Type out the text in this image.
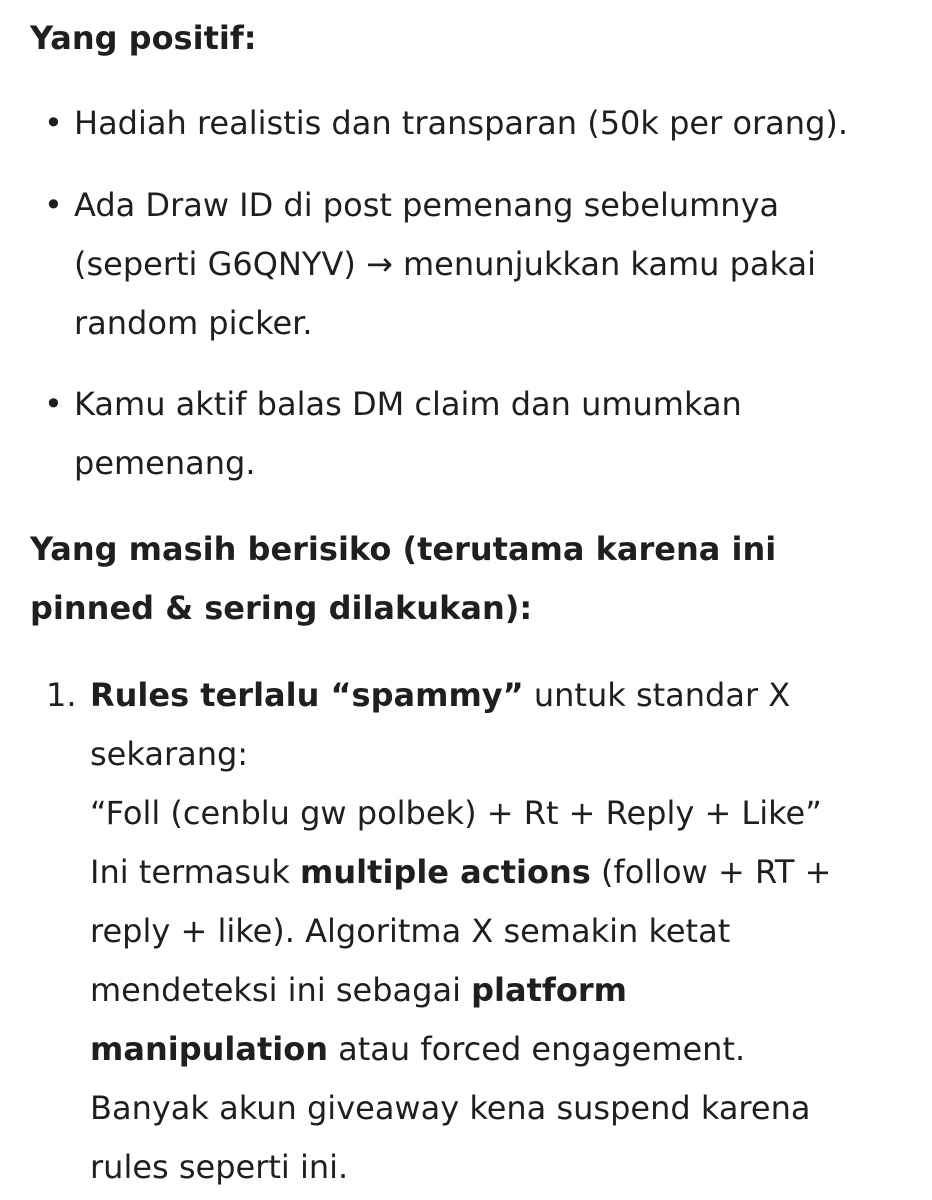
Yang positif:
• Hadiah realistis dan transparan (50k per orang).
• Ada Draw ID di post pemenang sebelumnya
(seperti G6QNYV) → menunjukkan kamu pakai
random picker.
• Kamu aktif balas DM claim dan umumkan
pemenang.
Yang masih berisiko (terutama karena ini
pinned & sering dilakukan):
1. Rules terlalu “spammy” untuk standar X
sekarang:
“Foll (cenblu gw polbek) + Rt + Reply + Like”
Ini termasuk multiple actions (follow + RT +
reply + like). Algoritma X semakin ketat
mendeteksi ini sebagai platform
manipulation atau forced engagement.
Banyak akun giveaway kena suspend karena
rules seperti ini.
